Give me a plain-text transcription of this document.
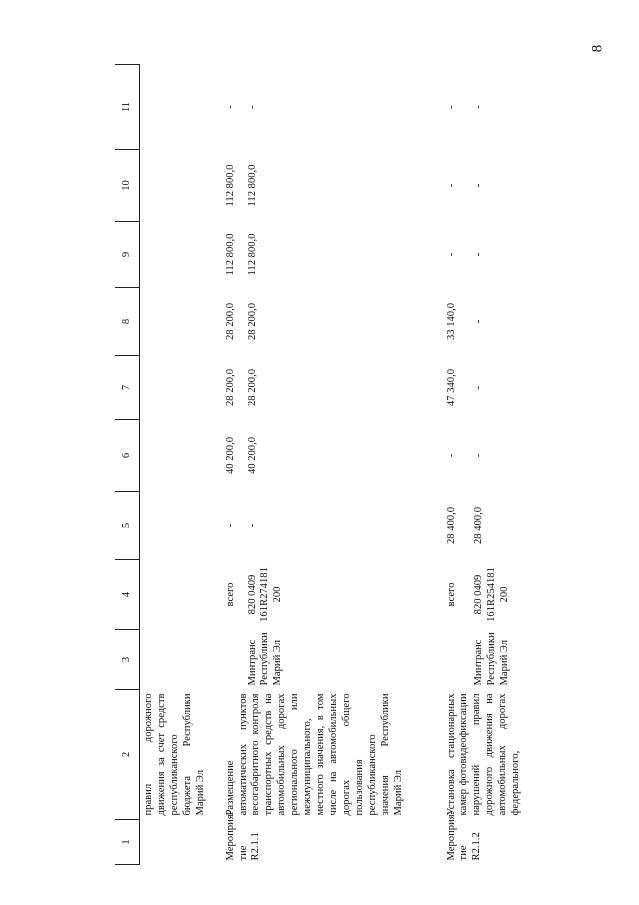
8
1	2	3	4	5	6	7	8	9	10	11
	правил дорожного движения за счет средств республиканского бюджета Республики Марий Эл									
Мероприя-тие R2.1.1	Размещение автоматических пунктов весогабаритного контроля транспортных средств на автомобильных дорогах регионального или межмуниципального, местного значения, в том числе на автомобильных дорогах общего пользования республиканского значения Республики Марий Эл		всего	-	40 200,0	28 200,0	28 200,0	112 800,0	112 800,0	-
		Минтранс Республики Марий Эл	820 0409 161R274181 200	-	40 200,0	28 200,0	28 200,0	112 800,0	112 800,0	-
Мероприя-тие R2.1.2	Установка стационарных камер фотовидеофиксации нарушений правил дорожного движения на автомобильных дорогах федерального,		всего	28 400,0	-	47 340,0	33 140,0	-	-	-
		Минтранс Республики Марий Эл	820 0409 161R254181 200	28 400,0	-	-	-	-	-	-
